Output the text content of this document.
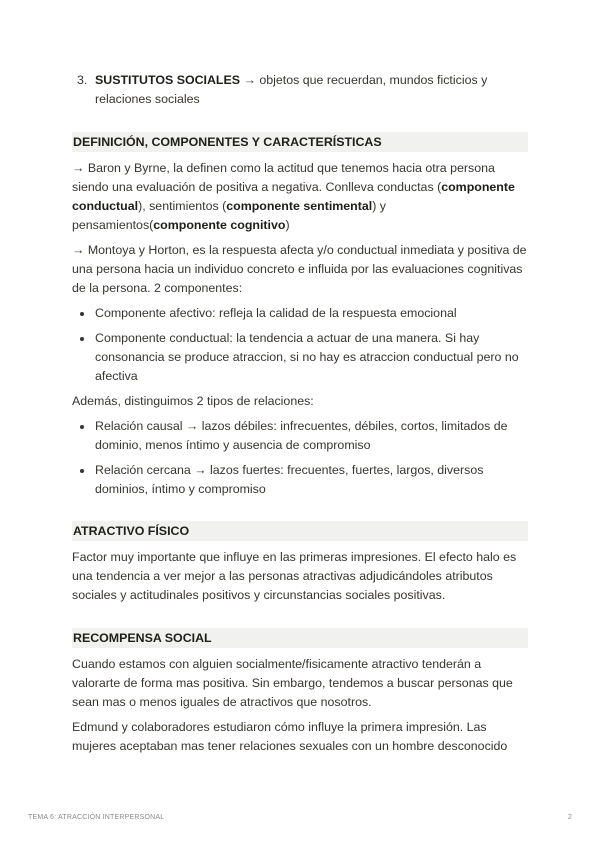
3. SUSTITUTOS SOCIALES → objetos que recuerdan, mundos ficticios y relaciones sociales
DEFINICIÓN, COMPONENTES Y CARACTERÍSTICAS

→ Baron y Byrne, la definen como la actitud que tenemos hacia otra persona siendo una evaluación de positiva a negativa. Conlleva conductas (componente conductual), sentimientos (componente sentimental) y pensamientos(componente cognitivo)

→ Montoya y Horton, es la respuesta afecta y/o conductual inmediata y positiva de una persona hacia un individuo concreto e influida por las evaluaciones cognitivas de la persona. 2 componentes:

Componente afectivo: refleja la calidad de la respuesta emocional
Componente conductual: la tendencia a actuar de una manera. Si hay consonancia se produce atraccion, si no hay es atraccion conductual pero no afectiva

Además, distinguimos 2 tipos de relaciones:

Relación causal → lazos débiles: infrecuentes, débiles, cortos, limitados de dominio, menos íntimo y ausencia de compromiso
Relación cercana → lazos fuertes: frecuentes, fuertes, largos, diversos dominios, íntimo y compromiso
ATRACTIVO FÍSICO

Factor muy importante que influye en las primeras impresiones. El efecto halo es una tendencia a ver mejor a las personas atractivas adjudicándoles atributos sociales y actitudinales positivos y circunstancias sociales positivas.

RECOMPENSA SOCIAL

Cuando estamos con alguien socialmente/fisicamente atractivo tenderán a valorarte de forma mas positiva. Sin embargo, tendemos a buscar personas que sean mas o menos iguales de atractivos que nosotros.

Edmund y colaboradores estudiaron cómo influye la primera impresión. Las mujeres aceptaban mas tener relaciones sexuales con un hombre desconocido

TEMA 6: ATRACCIÓN INTERPERSONAL	2
